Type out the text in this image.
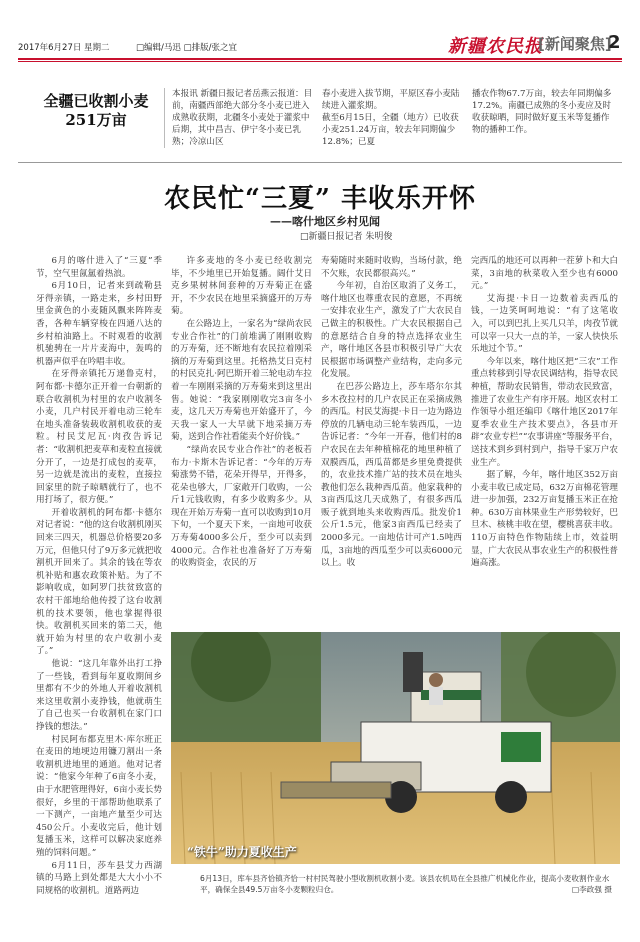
2017年6月27日 星期二	□编辑/马迅 □排版/张之宜	新疆农民报
[新闻聚焦]
2
全疆已收割小麦251万亩
本报讯 新疆日报记者岳燕云报道：目前，南疆西部绝大部分冬小麦已进入成熟收获期，北疆冬小麦处于灌浆中后期，其中昌吉、伊宁冬小麦已乳熟；冷凉山区
春小麦进入拔节期，平原区春小麦陆续进入灌浆期。
截至6月15日，全疆（地方）已收获小麦251.24万亩，较去年同期偏少12.8%；已夏
播农作物67.7万亩，较去年同期偏多17.2%。南疆已成熟的冬小麦应及时收获晾晒，同时做好夏玉米等复播作物的播种工作。
农民忙“三夏” 丰收乐开怀
——喀什地区乡村见闻
□新疆日报记者 朱明俊

6月的喀什进入了“三夏”季节，空气里氤氲着热浪。

6月10日，记者来到疏勒县牙得亲镇，一路走来，乡村田野里金黄色的小麦随风飘来阵阵麦香，各种车辆穿梭在四通八达的乡村柏油路上。不时观看的收割机驰骋在一片片麦海中，轰鸣的机器声似乎在吟唱丰收。

在牙得亲镇托万递鲁克村，阿布都·卡德尔正开着一台朝新的联合收割机为村里的农户收割冬小麦，几户村民开着电动三轮车在地头准备装载收割机收获的麦粒。村民艾尼瓦·肉孜告诉记者：“收割机把麦草和麦粒直接就分开了，一边是打成包的麦草，另一边就是流出的麦粒，直接拉回家里的院子晾晒就行了，也不用打场了，很方便。”

开着收割机的阿布都·卡德尔对记者说：“他的这台收割机刚买回来三四天，机器总价格要20多万元，但他只付了9万多元就把收割机开回来了。其余的钱在等农机补贴和惠农政策补贴。为了不影响收成，如阿罗门扶贫致富的农村干部地给他传授了这台收割机的技术要领，他也掌握得很快。收割机买回来的第二天，他就开始为村里的农户收割小麦了。”

他说：“这几年靠外出打工挣了一些钱，看到每年夏收期间乡里都有不少的外地人开着收割机来这里收割小麦挣钱，他就萌生了自己也买一台收割机在家门口挣钱的想法。”

村民阿布都克里木·库尔班正在麦田的地埂边用镰刀割出一条收割机进地里的通道。他对记者说：“他家今年种了6亩冬小麦，由于水肥管理得好，6亩小麦长势很好，乡里的干部帮助他联系了一下测产，一亩地产量至少可达450公斤。小麦收完后，他计划复播玉米，这样可以解决家庭养殖的饲料问题。”

6月11日，莎车县艾力西湖镇的马路上到处都是大大小小不同规格的收割机。道路两边

许多麦地的冬小麦已经收割完毕，不少地里已开始复播。阔什艾日克乡果树林间套种的万寿菊正在盛开，不少农民在地里采摘盛开的万寿菊。

在公路边上，一家名为“绿尚农民专业合作社”的门前堆满了刚刚收购的万寿菊，还不断地有农民拉着刚采摘的万寿菊到这里。托格热艾日克村的村民克扎·阿巴斯开着三轮电动车拉着一车刚刚采摘的万寿菊来到这里出售。她说：“我家刚刚收完3亩冬小麦，这几天万寿菊也开始盛开了，今天我一家人一大早就下地采摘万寿菊，送到合作社看能卖个好价钱。”

“绿尚农民专业合作社”的老板若布力·卡斯木告诉记者：“今年的万寿菊涨势不错，花朵开得早，开得多，花朵也够大，厂家敞开门收购，一公斤1元钱收购，有多少收购多少。从现在开始万寿菊一直可以收购到10月下旬，一个夏天下来，一亩地可收获万寿菊4000多公斤，至少可以卖到4000元。合作社也准备好了万寿菊的收购资金，农民的万

寿菊随时来随时收购，当场付款，绝不欠账，农民都很高兴。”

今年初，自治区取消了义务工，喀什地区也尊重农民的意愿，不再统一安排农业生产，激发了广大农民自己做主的积极性。广大农民根据自己的意愿结合自身的特点选择农业生产，喀什地区各县市积极引导广大农民根据市场调整产业结构，走向多元化发展。

在巴莎公路边上，莎车塔尔尔其乡木孜拉村的几户农民正在采摘成熟的西瓜。村民艾海提·卡日一边为路边停放的几辆电动三轮车装西瓜，一边告诉记者：“今年一开春，他们村的8户农民在去年种植棉花的地里种植了双膜西瓜，西瓜苗都是乡里免费提供的，农业技术推广站的技术员在地头教他们怎么栽种西瓜苗。他家栽种的3亩西瓜这几天成熟了，有很多西瓜贩子就到地头来收购西瓜。批发价1公斤1.5元，他家3亩西瓜已经卖了2000多元。一亩地估计可产1.5吨西瓜，3亩地的西瓜至少可以卖6000元以上。收

完西瓜的地还可以再种一茬萝卜和大白菜，3亩地的秋菜收入至少也有6000元。”

艾海提·卡日一边数着卖西瓜的钱，一边笑呵呵地说：“有了这笔收入，可以到巴扎上买几只羊，肉孜节就可以宰一只大一点的羊，一家人快快乐乐地过个节。”

今年以来，喀什地区把“三农”工作重点转移到引导农民调结构，指导农民种植，帮助农民销售，带动农民致富，推进了农业生产有序开展。地区农村工作领导小组还编印《喀什地区2017年夏季农业生产技术要点》，各县市开辟“农业专栏”“农事讲座”等服务平台，送技术到乡到村到户，指导千家万户农业生产。

据了解，今年，喀什地区352万亩小麦丰收已成定局，632万亩棉花管理进一步加强，232万亩复播玉米正在抢种。630万亩林果业生产形势较好，巴旦木、核桃丰收在望，樱桃喜获丰收。110万亩特色作物陆续上市，效益明显，广大农民从事农业生产的积极性普遍高涨。

“铁牛”助力夏收生产
6月13日，库车县齐恰镇齐恰一村村民驾驶小型收割机收割小麦。该县农机局在全县推广机械化作业，提高小麦收割作业水平，确保全县49.5万亩冬小麦颗粒归仓。	□李政强 摄
